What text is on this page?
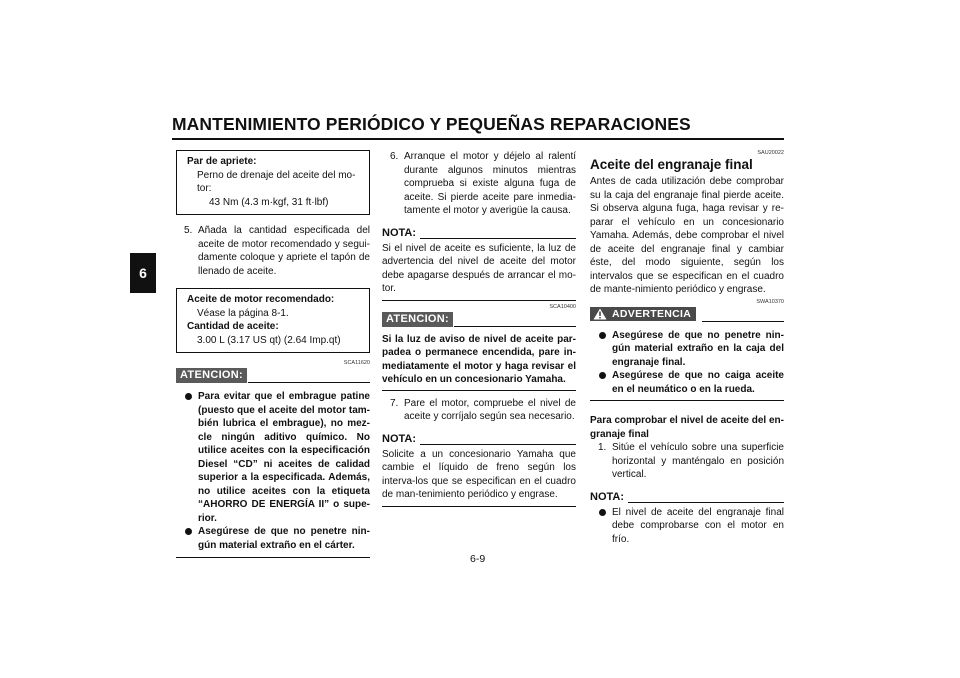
MANTENIMIENTO PERIÓDICO Y PEQUEÑAS REPARACIONES
6
Par de apriete:
Perno de drenaje del aceite del mo-
tor:
43 Nm (4.3 m·kgf, 31 ft·lbf)
5. Añada la cantidad especificada del aceite de motor recomendado y segui-damente coloque y apriete el tapón de llenado de aceite.
Aceite de motor recomendado:
Véase la página 8-1.
Cantidad de aceite:
3.00 L (3.17 US qt) (2.64 Imp.qt)
SCA11620
ATENCION:
Para evitar que el embrague patine (puesto que el aceite del motor tam-bién lubrica el embrague), no mez-cle ningún aditivo químico. No utilice aceites con la especificación Diesel “CD” ni aceites de calidad superior a la especificada. Además, no utilice aceites con la etiqueta “AHORRO DE ENERGÍA II” o supe-rior.
Asegúrese de que no penetre nin-gún material extraño en el cárter.
6. Arranque el motor y déjelo al ralentí durante algunos minutos mientras comprueba si existe alguna fuga de aceite. Si pierde aceite pare inmedia-tamente el motor y averigüe la causa.
NOTA:
Si el nivel de aceite es suficiente, la luz de advertencia del nivel de aceite del motor debe apagarse después de arrancar el mo-tor.
SCA10400
ATENCION:
Si la luz de aviso de nivel de aceite par-padea o permanece encendida, pare in-mediatamente el motor y haga revisar el vehículo en un concesionario Yamaha.
7. Pare el motor, compruebe el nivel de aceite y corríjalo según sea necesario.
NOTA:
Solicite a un concesionario Yamaha que cambie el líquido de freno según los interva-los que se especifican en el cuadro de man-tenimiento periódico y engrase.
SAU20022
Aceite del engranaje final
Antes de cada utilización debe comprobar su la caja del engranaje final pierde aceite. Si observa alguna fuga, haga revisar y re-parar el vehículo en un concesionario Yamaha. Además, debe comprobar el nivel de aceite del engranaje final y cambiar éste, del modo siguiente, según los intervalos que se especifican en el cuadro de mante-nimiento periódico y engrase.
SWA10370
ADVERTENCIA
Asegúrese de que no penetre nin-gún material extraño en la caja del engranaje final.
Asegúrese de que no caiga aceite en el neumático o en la rueda.
Para comprobar el nivel de aceite del en-granaje final
1. Sitúe el vehículo sobre una superficie horizontal y manténgalo en posición vertical.
NOTA:
El nivel de aceite del engranaje final debe comprobarse con el motor en frío.
6-9
